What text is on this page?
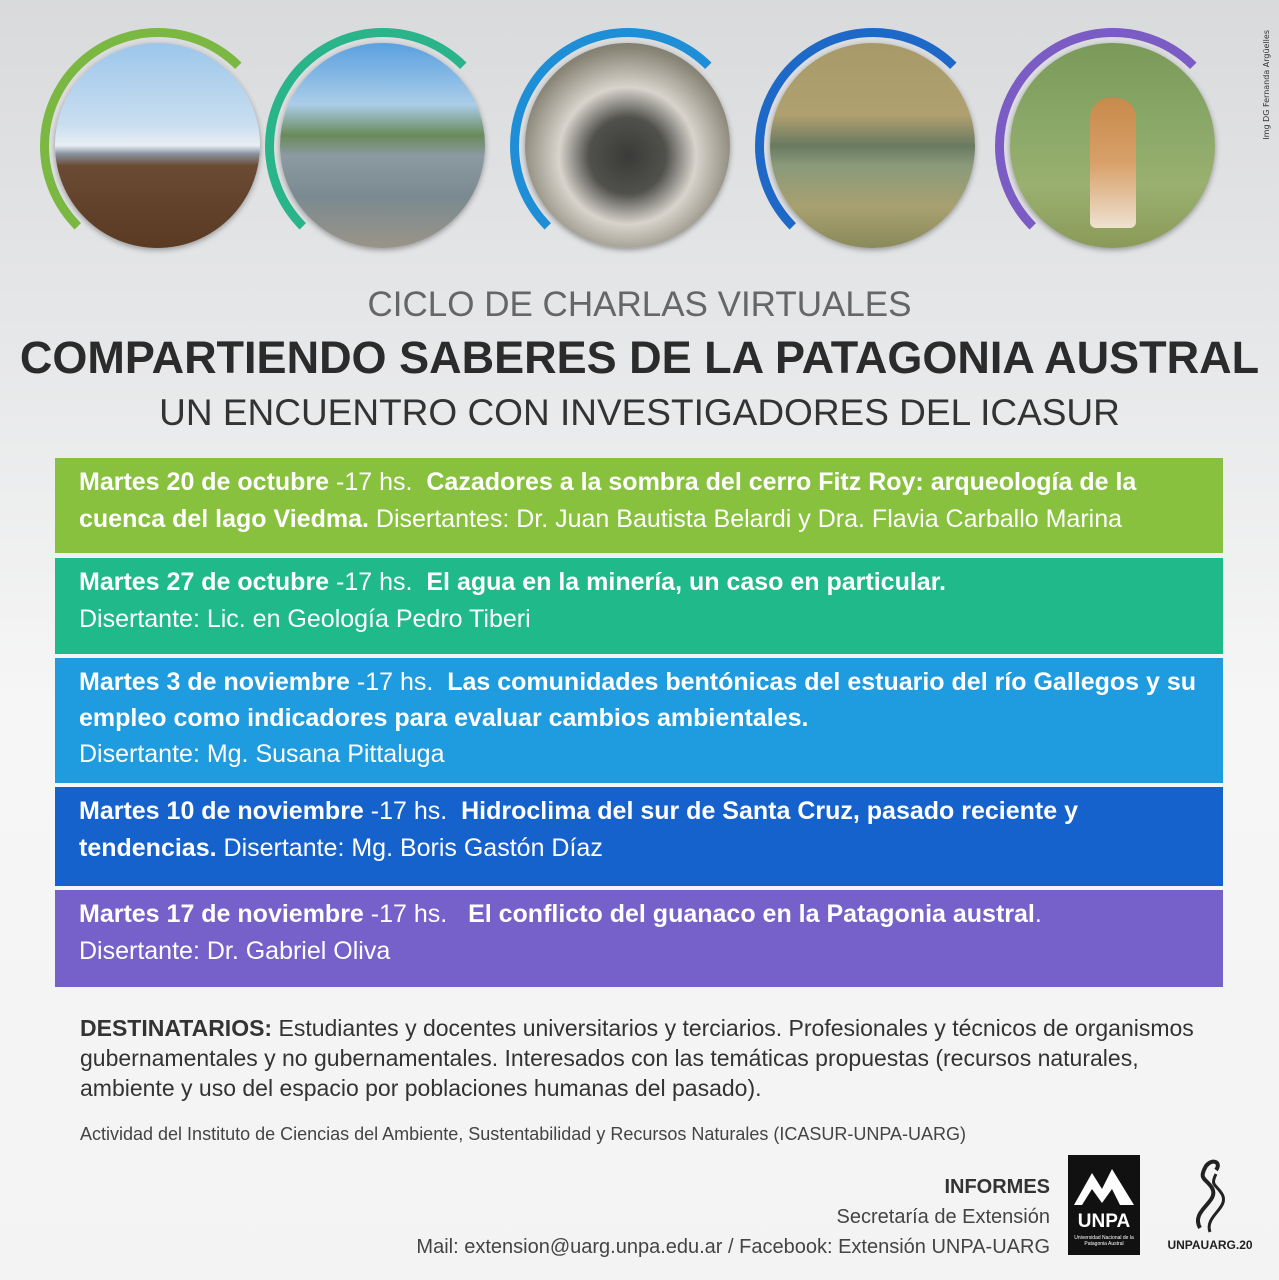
Img DG Fernanda Argüelles
CICLO DE CHARLAS VIRTUALES
COMPARTIENDO SABERES DE LA PATAGONIA AUSTRAL
UN ENCUENTRO CON INVESTIGADORES DEL ICASUR
Martes 20 de octubre -17 hs. Cazadores a la sombra del cerro Fitz Roy: arqueología de la cuenca del lago Viedma. Disertantes: Dr. Juan Bautista Belardi y Dra. Flavia Carballo Marina
Martes 27 de octubre -17 hs. El agua en la minería, un caso en particular.
Disertante: Lic. en Geología Pedro Tiberi
Martes 3 de noviembre -17 hs. Las comunidades bentónicas del estuario del río Gallegos y su empleo como indicadores para evaluar cambios ambientales.
Disertante: Mg. Susana Pittaluga
Martes 10 de noviembre -17 hs. Hidroclima del sur de Santa Cruz, pasado reciente y tendencias. Disertante: Mg. Boris Gastón Díaz
Martes 17 de noviembre -17 hs. El conflicto del guanaco en la Patagonia austral.
Disertante: Dr. Gabriel Oliva
DESTINATARIOS: Estudiantes y docentes universitarios y terciarios. Profesionales y técnicos de organismos gubernamentales y no gubernamentales. Interesados con las temáticas propuestas (recursos naturales, ambiente y uso del espacio por poblaciones humanas del pasado).
Actividad del Instituto de Ciencias del Ambiente, Sustentabilidad y Recursos Naturales (ICASUR-UNPA-UARG)
INFORMES
Secretaría de Extensión
Mail: extension@uarg.unpa.edu.ar / Facebook: Extensión UNPA-UARG
UNPA
Universidad Nacional de la Patagonia Austral	UNPAUARG.20
